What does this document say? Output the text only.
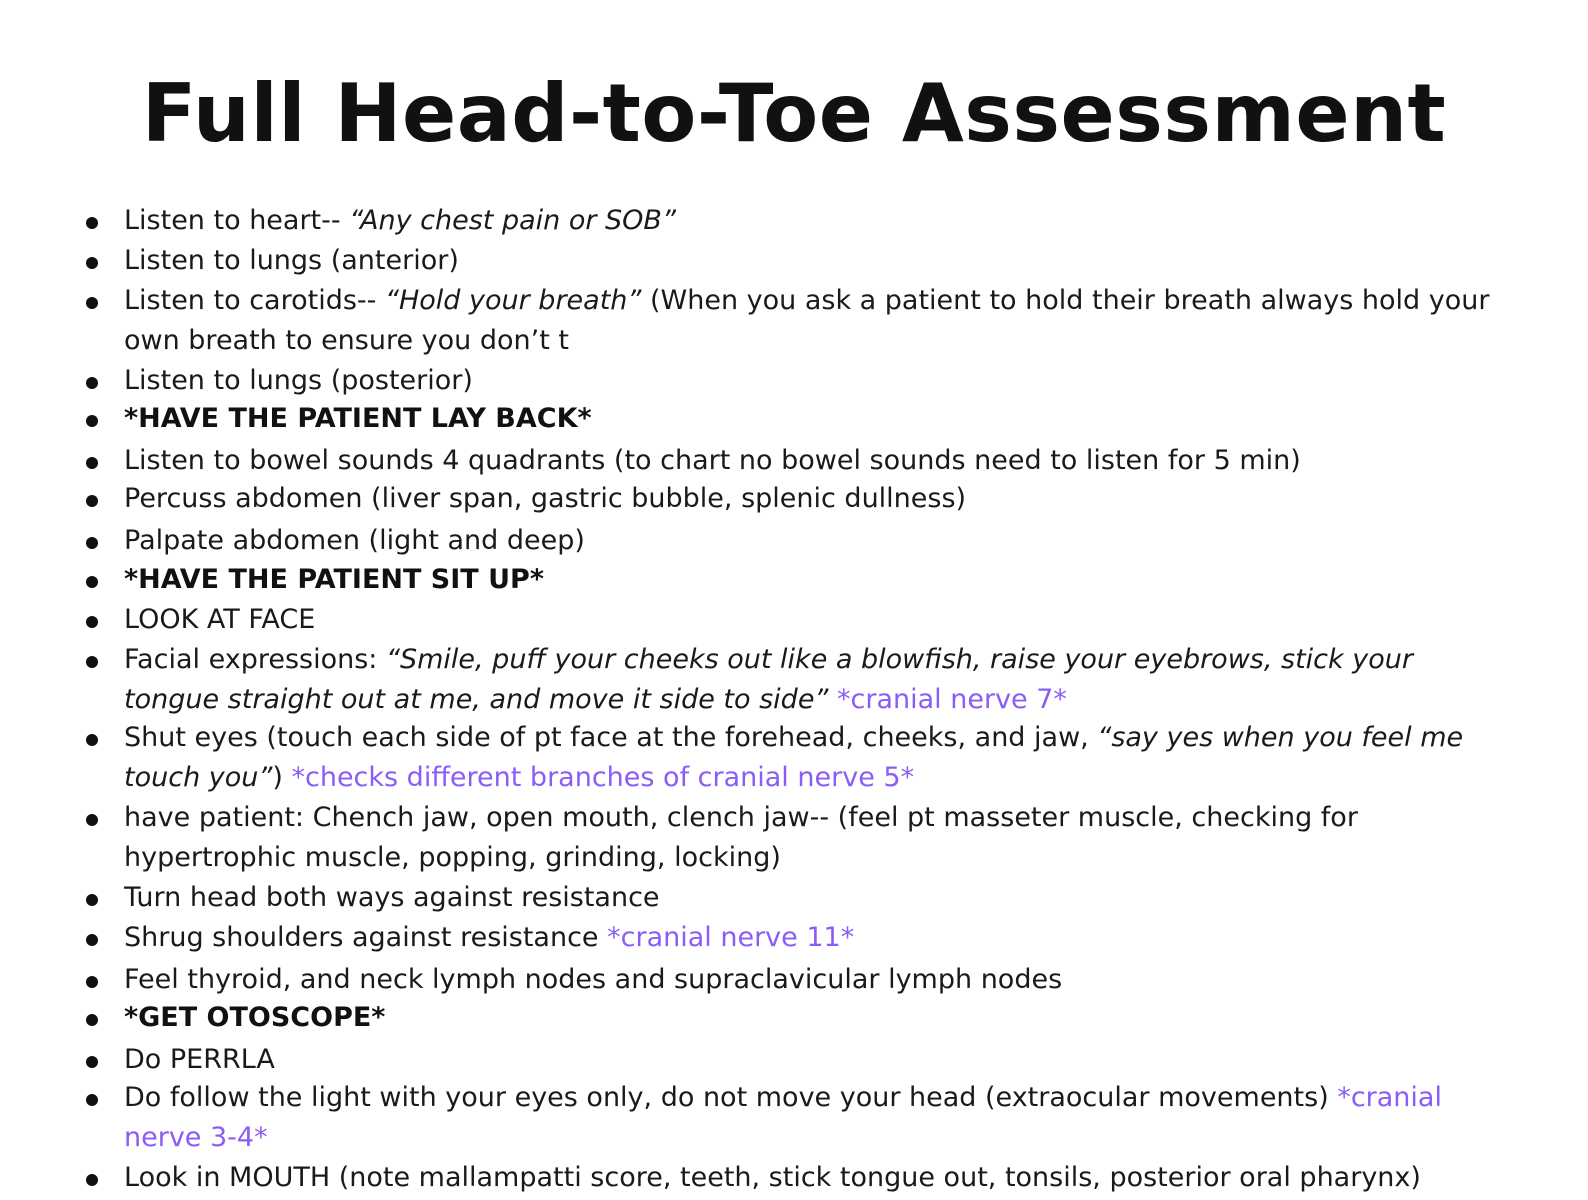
Full Head-to-Toe Assessment
Listen to heart-- “Any chest pain or SOB”
Listen to lungs (anterior)
Listen to carotids-- “Hold your breath” (When you ask a patient to hold their breath always hold your
own breath to ensure you don’t t
Listen to lungs (posterior)
*HAVE THE PATIENT LAY BACK*
Listen to bowel sounds 4 quadrants (to chart no bowel sounds need to listen for 5 min)
Percuss abdomen (liver span, gastric bubble, splenic dullness)
Palpate abdomen (light and deep)
*HAVE THE PATIENT SIT UP*
LOOK AT FACE
Facial expressions: “Smile, puff your cheeks out like a blowfish, raise your eyebrows, stick your
tongue straight out at me, and move it side to side” *cranial nerve 7*
Shut eyes (touch each side of pt face at the forehead, cheeks, and jaw, “say yes when you feel me
touch you”) *checks different branches of cranial nerve 5*
have patient: Chench jaw, open mouth, clench jaw-- (feel pt masseter muscle, checking for
hypertrophic muscle, popping, grinding, locking)
Turn head both ways against resistance
Shrug shoulders against resistance *cranial nerve 11*
Feel thyroid, and neck lymph nodes and supraclavicular lymph nodes
*GET OTOSCOPE*
Do PERRLA
Do follow the light with your eyes only, do not move your head (extraocular movements) *cranial
nerve 3-4*
Look in MOUTH (note mallampatti score, teeth, stick tongue out, tonsils, posterior oral pharynx)
